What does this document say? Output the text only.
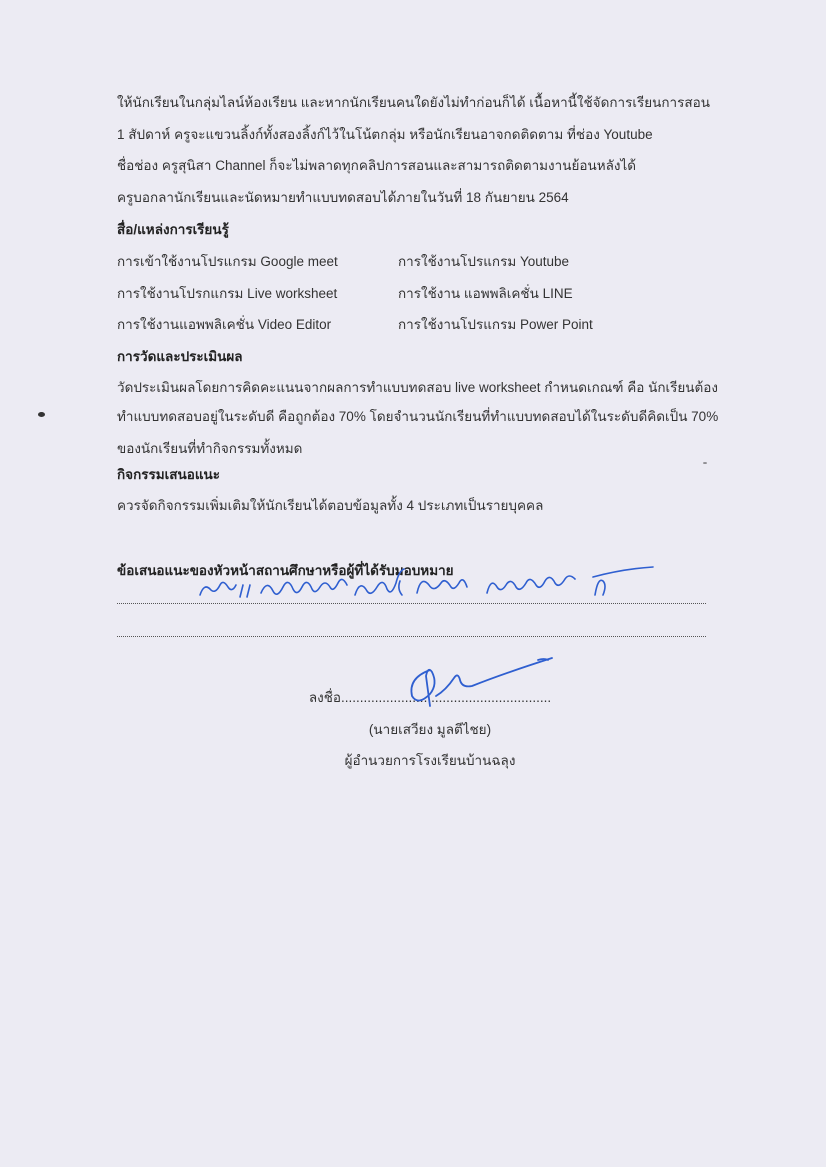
ให้นักเรียนในกลุ่มไลน์ห้องเรียน และหากนักเรียนคนใดยังไม่ทำก่อนก็ได้ เนื้อหานี้ใช้จัดการเรียนการสอน
1 สัปดาห์ ครูจะแขวนลิ้งก์ทั้งสองลิ้งก์ไว้ในโน้ตกลุ่ม หรือนักเรียนอาจกดติดตาม ที่ช่อง Youtube
ชื่อช่อง ครูสุนิสา Channel ก็จะไม่พลาดทุกคลิปการสอนและสามารถติดตามงานย้อนหลังได้
ครูบอกลานักเรียนและนัดหมายทำแบบทดสอบได้ภายในวันที่ 18 กันยายน 2564
สื่อ/แหล่งการเรียนรู้
การเข้าใช้งานโปรแกรม Google meet	การใช้งานโปรแกรม Youtube
การใช้งานโปรกแกรม Live worksheet	การใช้งาน แอพพลิเคชั่น LINE
การใช้งานแอพพลิเคชั่น Video Editor	การใช้งานโปรแกรม Power Point
การวัดและประเมินผล
วัดประเมินผลโดยการคิดคะแนนจากผลการทำแบบทดสอบ live worksheet กำหนดเกณฑ์ คือ นักเรียนต้อง
ทำแบบทดสอบอยู่ในระดับดี คือถูกต้อง 70% โดยจำนวนนักเรียนที่ทำแบบทดสอบได้ในระดับดีคิดเป็น 70%
ของนักเรียนที่ทำกิจกรรมทั้งหมด
กิจกรรมเสนอแนะ
ควรจัดกิจกรรมเพิ่มเติมให้นักเรียนได้ตอบข้อมูลทั้ง 4 ประเภทเป็นรายบุคคล
ข้อเสนอแนะของหัวหน้าสถานศึกษาหรือผู้ที่ได้รับมอบหมาย
ลงชื่อ........................................................
(นายเสวียง มูลตีไชย)
ผู้อำนวยการโรงเรียนบ้านฉลุง
